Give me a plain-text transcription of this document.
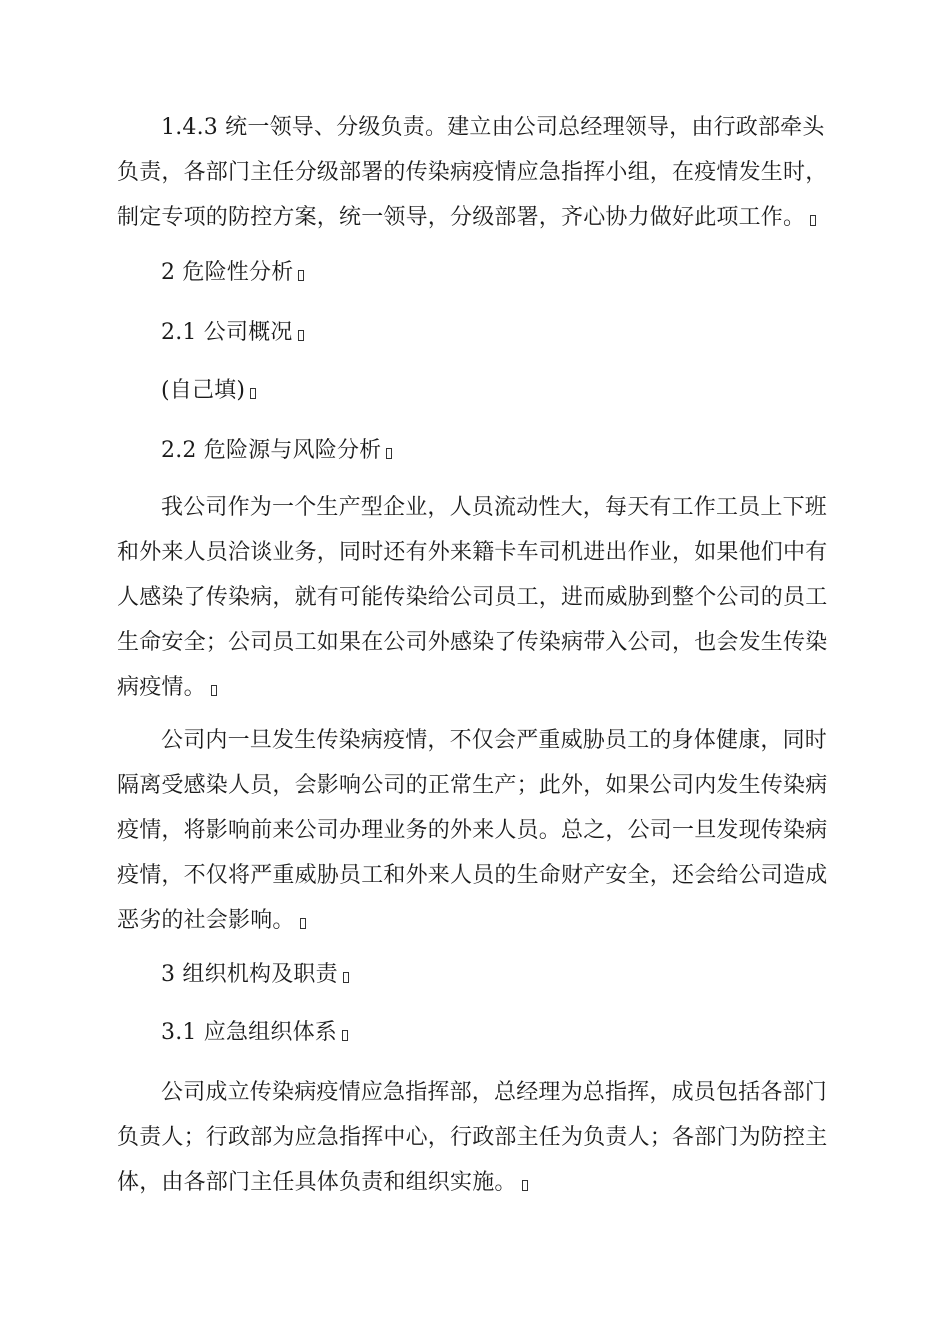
1.4.3 统一领导、分级负责。建立由公司总经理领导，由行政部牵头负责，各部门主任分级部署的传染病疫情应急指挥小组，在疫情发生时，制定专项的防控方案，统一领导，分级部署，齐心协力做好此项工作。

2 危险性分析

2.1 公司概况

(自己填)

2.2 危险源与风险分析

我公司作为一个生产型企业，人员流动性大，每天有工作工员上下班和外来人员洽谈业务，同时还有外来籍卡车司机进出作业，如果他们中有人感染了传染病，就有可能传染给公司员工，进而威胁到整个公司的员工生命安全；公司员工如果在公司外感染了传染病带入公司，也会发生传染病疫情。

公司内一旦发生传染病疫情，不仅会严重威胁员工的身体健康，同时隔离受感染人员，会影响公司的正常生产；此外，如果公司内发生传染病疫情，将影响前来公司办理业务的外来人员。总之，公司一旦发现传染病疫情，不仅将严重威胁员工和外来人员的生命财产安全，还会给公司造成恶劣的社会影响。

3 组织机构及职责

3.1 应急组织体系

公司成立传染病疫情应急指挥部，总经理为总指挥，成员包括各部门负责人；行政部为应急指挥中心，行政部主任为负责人；各部门为防控主体，由各部门主任具体负责和组织实施。
